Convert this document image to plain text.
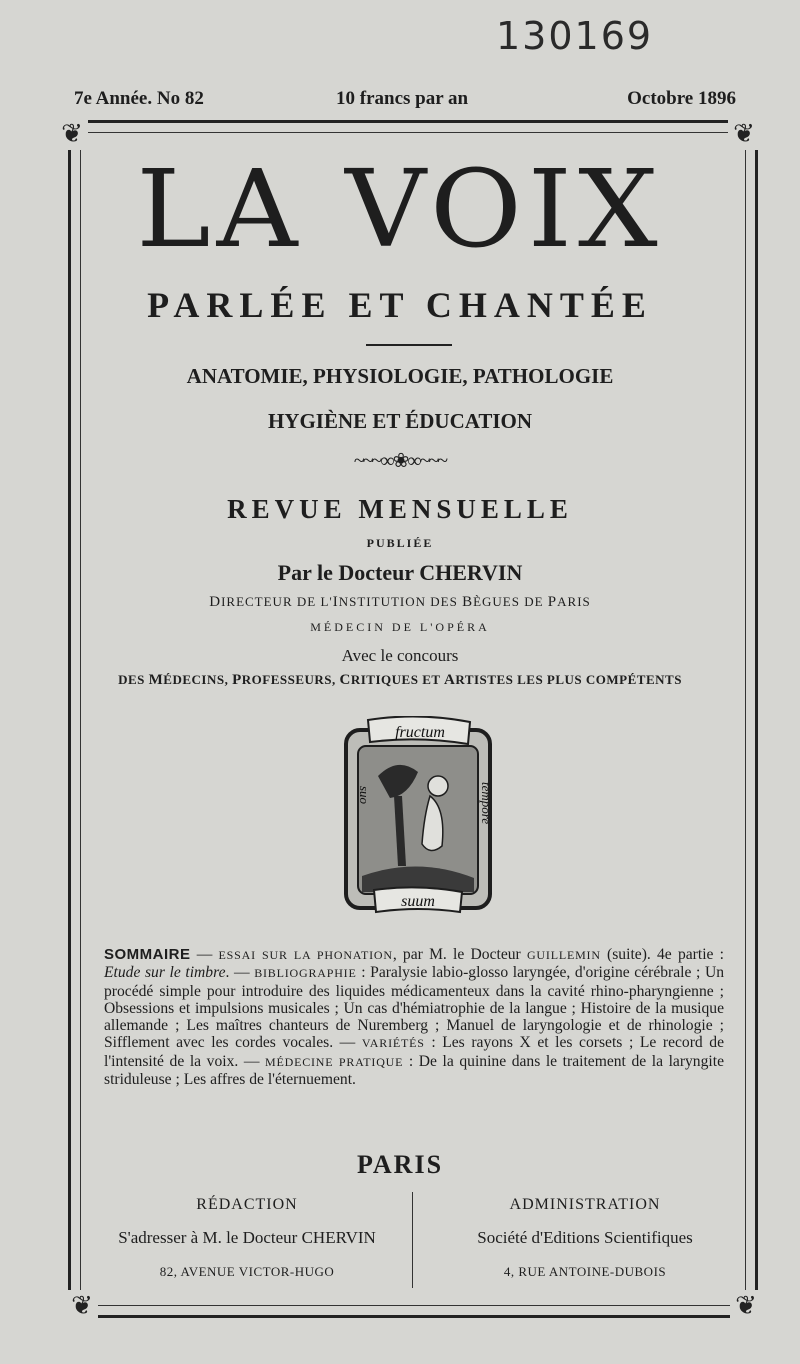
130169
7e Année. No 82	10 francs par an	Octobre 1896
❦	❦
❦	❦
LA VOIX
PARLÉE ET CHANTÉE
ANATOMIE, PHYSIOLOGIE, PATHOLOGIE
HYGIÈNE ET ÉDUCATION
~~~∞❀∞~~~
REVUE MENSUELLE
PUBLIÉE
Par le Docteur CHERVIN
DIRECTEUR DE L'INSTITUTION DES BÈGUES DE PARIS
MÉDECIN DE L'OPÉRA
Avec le concours
DES MÉDECINS, PROFESSEURS, CRITIQUES ET ARTISTES LES PLUS COMPÉTENTS
fructum
suo	tempore
suum
SOMMAIRE — ESSAI SUR LA PHONATION, par M. le Docteur GUILLEMIN (suite). 4e partie : Etude sur le timbre. — BIBLIOGRAPHIE : Paralysie labio-glosso laryngée, d'origine cérébrale ; Un procédé simple pour introduire des liquides médicamenteux dans la cavité rhino-pharyngienne ; Obsessions et impulsions musicales ; Un cas d'hémiatrophie de la langue ; Histoire de la musique allemande ; Les maîtres chanteurs de Nuremberg ; Manuel de laryngologie et de rhinologie ; Sifflement avec les cordes vocales. — VARIÉTÉS : Les rayons X et les corsets ; Le record de l'intensité de la voix. — MÉDECINE PRATIQUE : De la quinine dans le traitement de la laryngite striduleuse ; Les affres de l'éternuement.
PARIS
RÉDACTION
S'adresser à M. le Docteur CHERVIN
82, AVENUE VICTOR-HUGO
ADMINISTRATION
Société d'Editions Scientifiques
4, RUE ANTOINE-DUBOIS
